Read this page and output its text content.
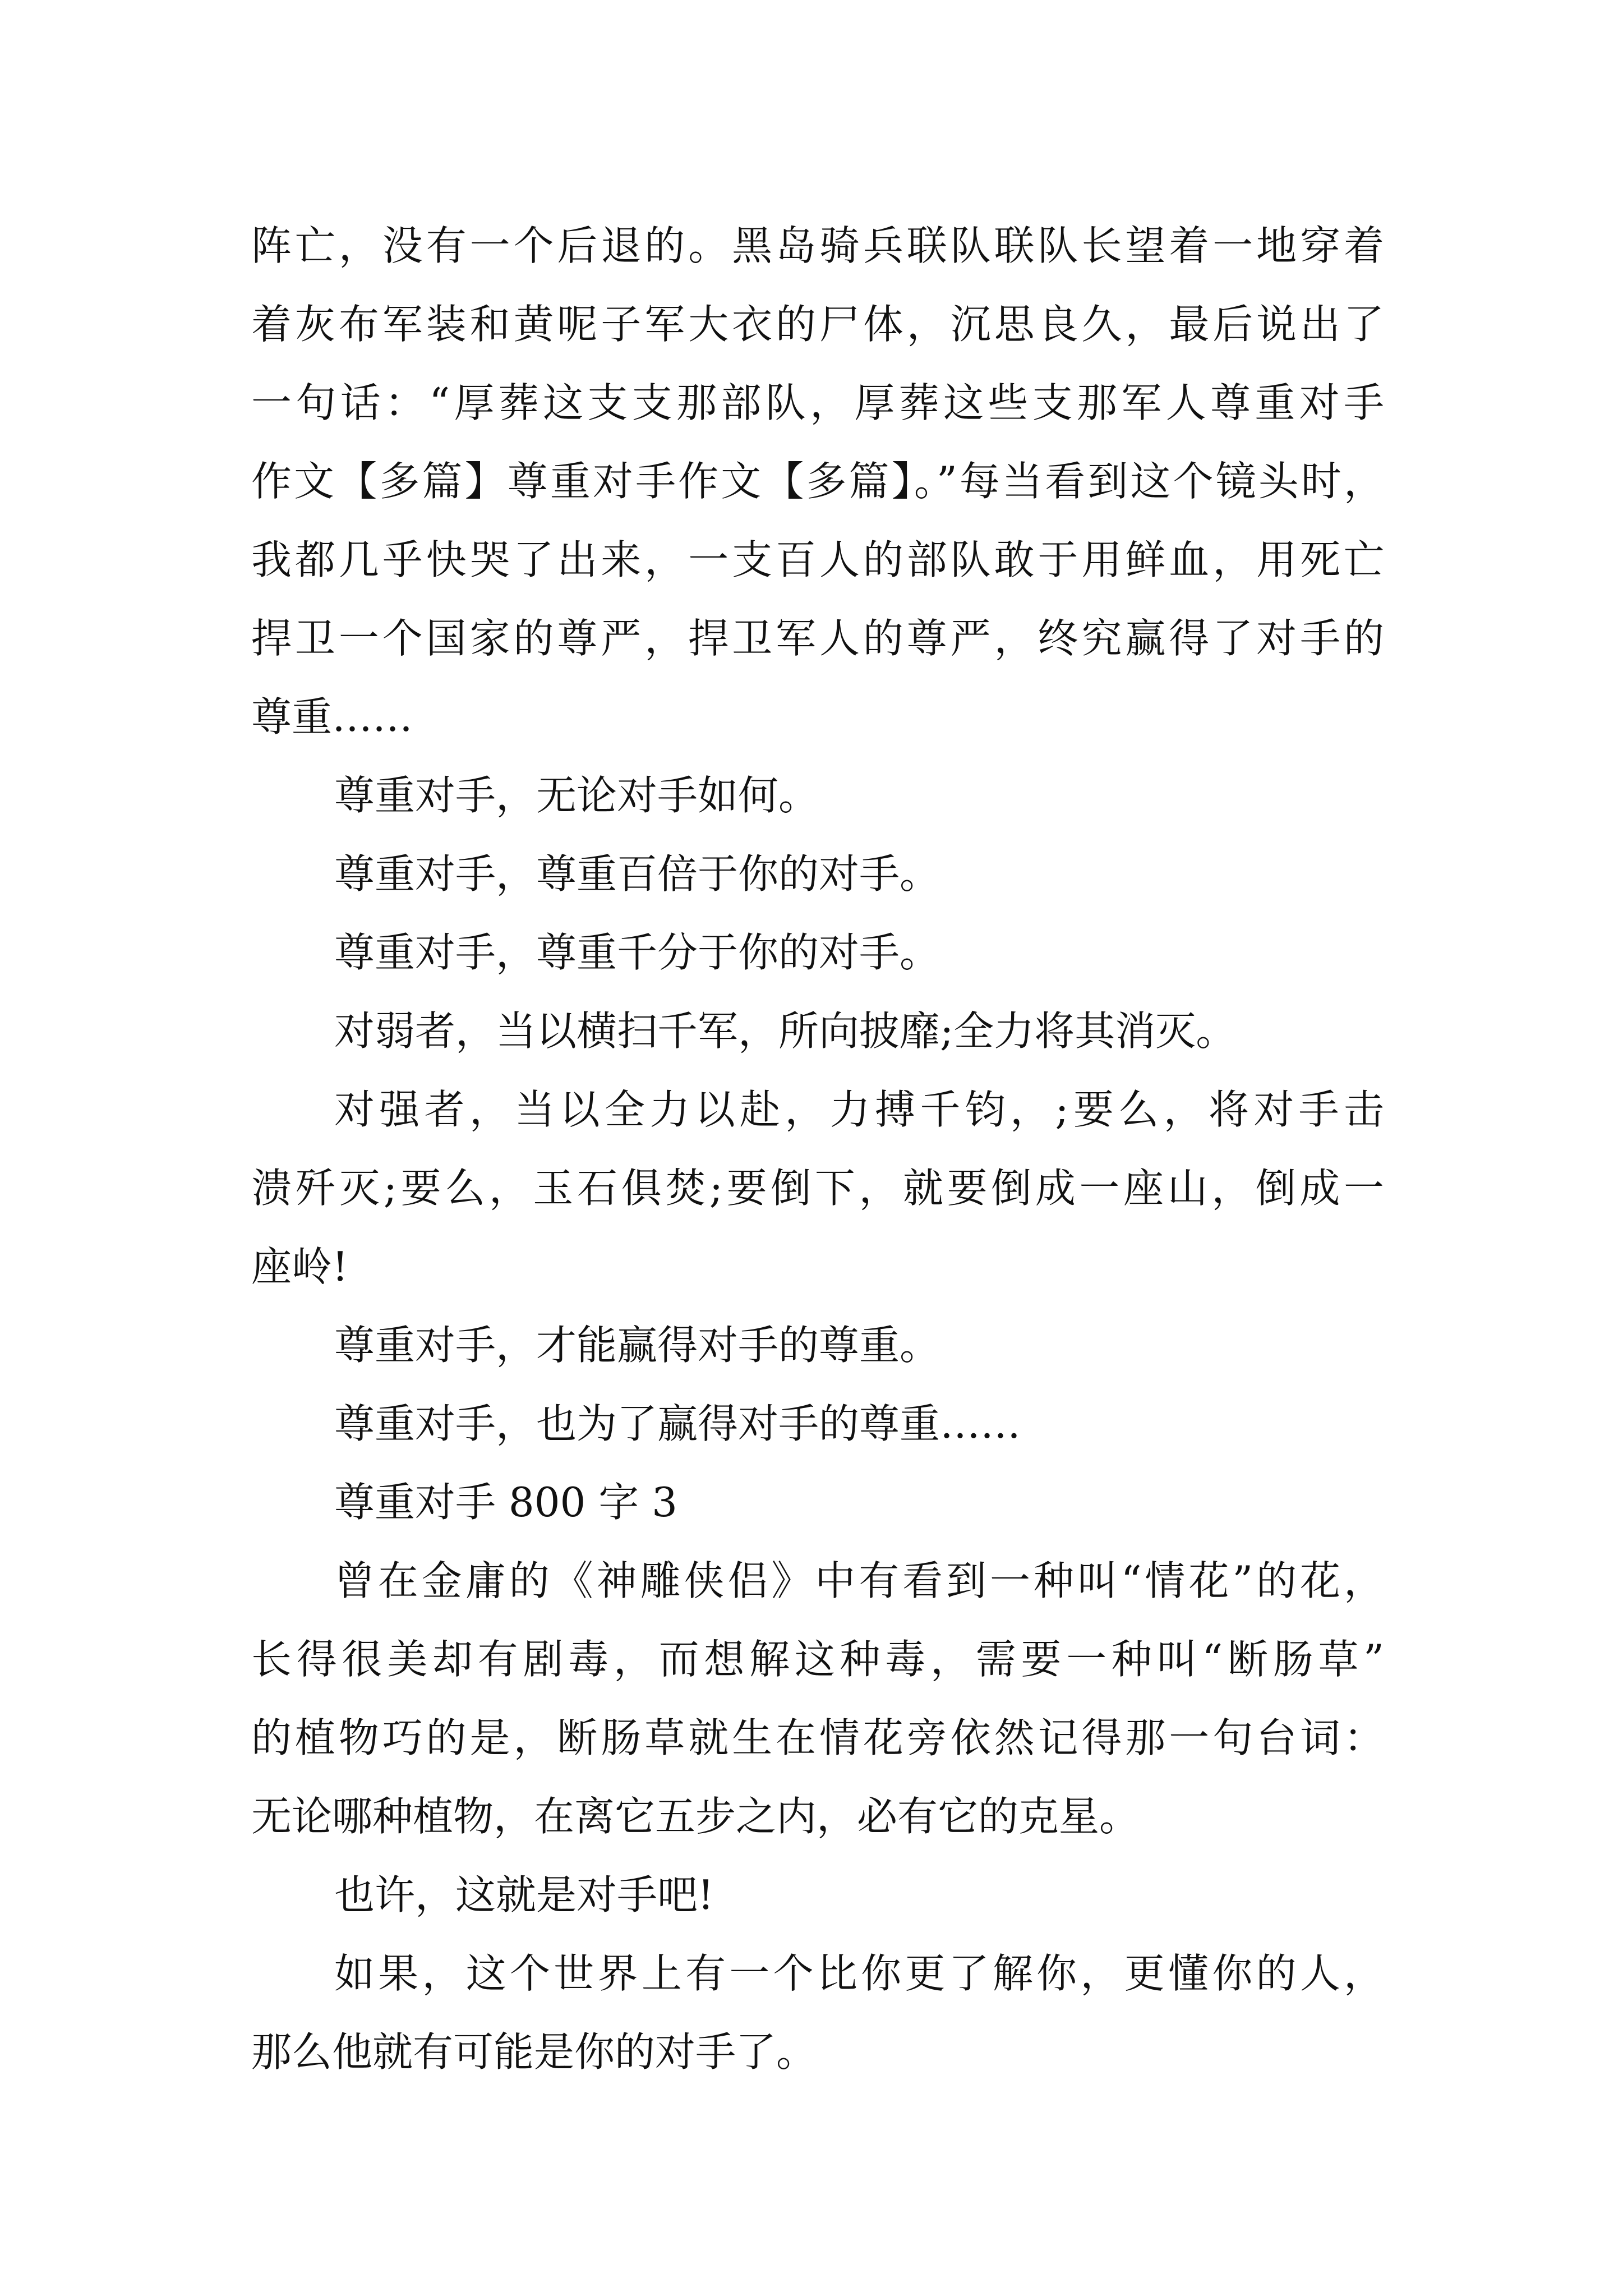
阵亡，没有一个后退的。黑岛骑兵联队联队长望着一地穿着
着灰布军装和黄呢子军大衣的尸体，沉思良久，最后说出了
一句话：“厚葬这支支那部队，厚葬这些支那军人尊重对手
作文【多篇】尊重对手作文【多篇】。”每当看到这个镜头时，
我都几乎快哭了出来，一支百人的部队敢于用鲜血，用死亡
捍卫一个国家的尊严，捍卫军人的尊严，终究赢得了对手的
尊重……
尊重对手，无论对手如何。
尊重对手，尊重百倍于你的对手。
尊重对手，尊重千分于你的对手。
对弱者，当以横扫千军，所向披靡;全力将其消灭。
对强者，当以全力以赴，力搏千钧，;要么，将对手击
溃歼灭;要么，玉石俱焚;要倒下，就要倒成一座山，倒成一
座岭!
尊重对手，才能赢得对手的尊重。
尊重对手，也为了赢得对手的尊重……
尊重对手 800 字 3
曾在金庸的《神雕侠侣》中有看到一种叫“情花”的花，
长得很美却有剧毒，而想解这种毒，需要一种叫“断肠草”
的植物巧的是，断肠草就生在情花旁依然记得那一句台词：
无论哪种植物，在离它五步之内，必有它的克星。
也许，这就是对手吧!
如果，这个世界上有一个比你更了解你，更懂你的人，
那么他就有可能是你的对手了。
